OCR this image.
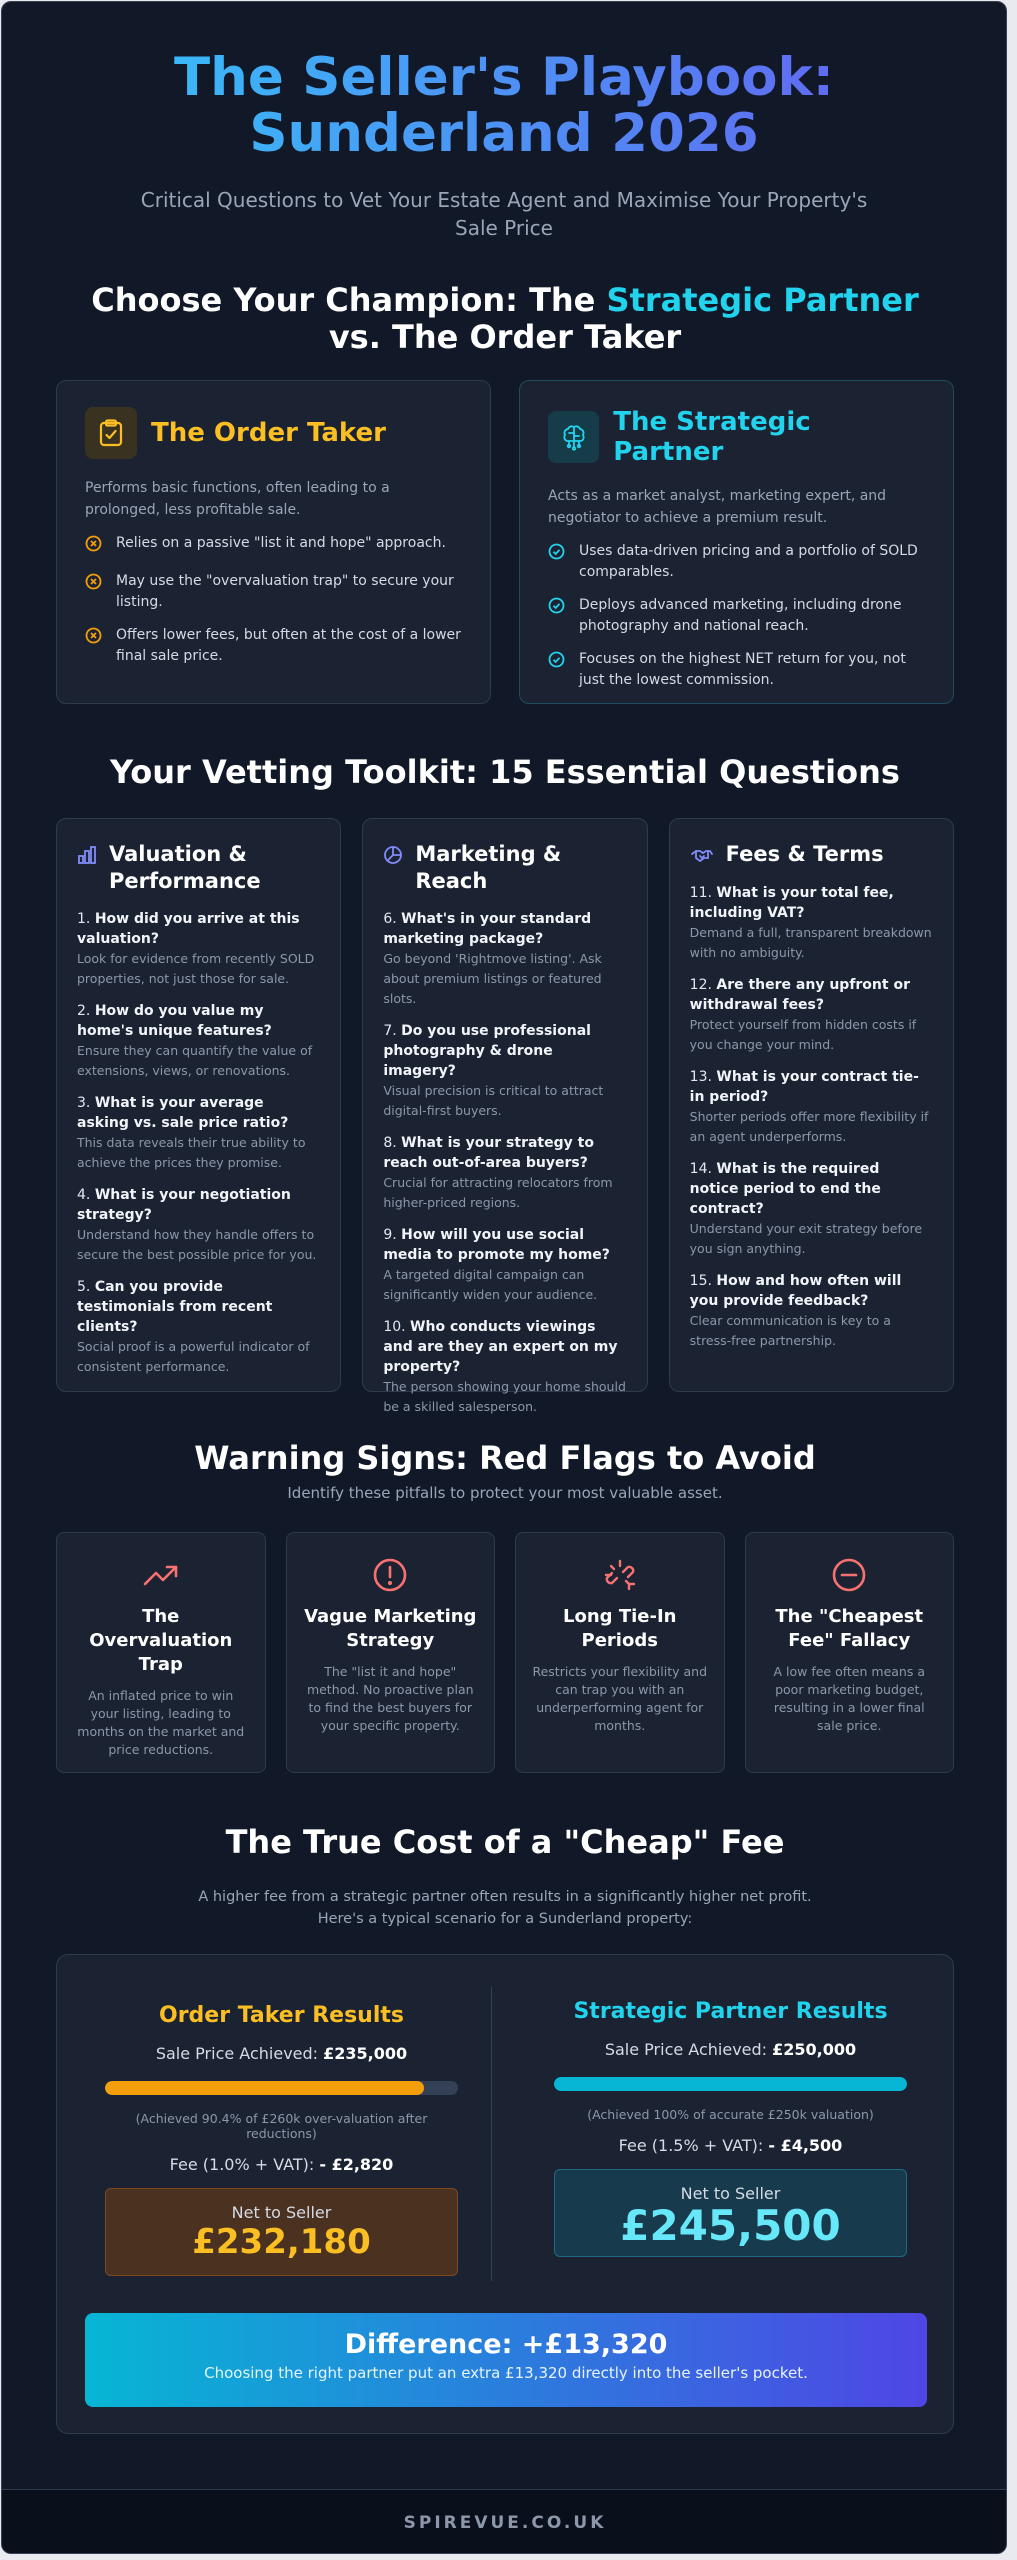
The Seller's Playbook: Sunderland 2026

Critical Questions to Vet Your Estate Agent and Maximise Your Property's Sale Price

Choose Your Champion: The Strategic Partner vs. The Order Taker
The Order Taker

Performs basic functions, often leading to a prolonged, less profitable sale.

Relies on a passive "list it and hope" approach.
May use the "overvaluation trap" to secure your listing.
Offers lower fees, but often at the cost of a lower final sale price.
The Strategic Partner

Acts as a market analyst, marketing expert, and negotiator to achieve a premium result.

Uses data-driven pricing and a portfolio of SOLD comparables.
Deploys advanced marketing, including drone photography and national reach.
Focuses on the highest NET return for you, not just the lowest commission.
Your Vetting Toolkit: 15 Essential Questions
Valuation & Performance
1. How did you arrive at this valuation?
Look for evidence from recently SOLD properties, not just those for sale.
2. How do you value my home's unique features?
Ensure they can quantify the value of extensions, views, or renovations.
3. What is your average asking vs. sale price ratio?
This data reveals their true ability to achieve the prices they promise.
4. What is your negotiation strategy?
Understand how they handle offers to secure the best possible price for you.
5. Can you provide testimonials from recent clients?
Social proof is a powerful indicator of consistent performance.
Marketing & Reach
6. What's in your standard marketing package?
Go beyond 'Rightmove listing'. Ask about premium listings or featured slots.
7. Do you use professional photography & drone imagery?
Visual precision is critical to attract digital-first buyers.
8. What is your strategy to reach out-of-area buyers?
Crucial for attracting relocators from higher-priced regions.
9. How will you use social media to promote my home?
A targeted digital campaign can significantly widen your audience.
10. Who conducts viewings and are they an expert on my property?
The person showing your home should be a skilled salesperson.
Fees & Terms
11. What is your total fee, including VAT?
Demand a full, transparent breakdown with no ambiguity.
12. Are there any upfront or withdrawal fees?
Protect yourself from hidden costs if you change your mind.
13. What is your contract tie-in period?
Shorter periods offer more flexibility if an agent underperforms.
14. What is the required notice period to end the contract?
Understand your exit strategy before you sign anything.
15. How and how often will you provide feedback?
Clear communication is key to a stress-free partnership.
Warning Signs: Red Flags to Avoid

Identify these pitfalls to protect your most valuable asset.

The Overvaluation Trap

An inflated price to win your listing, leading to months on the market and price reductions.

Vague Marketing Strategy

The "list it and hope" method. No proactive plan to find the best buyers for your specific property.

Long Tie-In Periods

Restricts your flexibility and can trap you with an underperforming agent for months.

The "Cheapest Fee" Fallacy

A low fee often means a poor marketing budget, resulting in a lower final sale price.

The True Cost of a "Cheap" Fee

A higher fee from a strategic partner often results in a significantly higher net profit. Here's a typical scenario for a Sunderland property:

Order Taker Results
Sale Price Achieved: £235,000
(Achieved 90.4% of £260k over-valuation after reductions)
Fee (1.0% + VAT): - £2,820
Net to Seller
£232,180
Strategic Partner Results
Sale Price Achieved: £250,000
(Achieved 100% of accurate £250k valuation)
Fee (1.5% + VAT): - £4,500
Net to Seller
£245,500
Difference: +£13,320
Choosing the right partner put an extra £13,320 directly into the seller's pocket.
SPIREVUE.CO.UK
